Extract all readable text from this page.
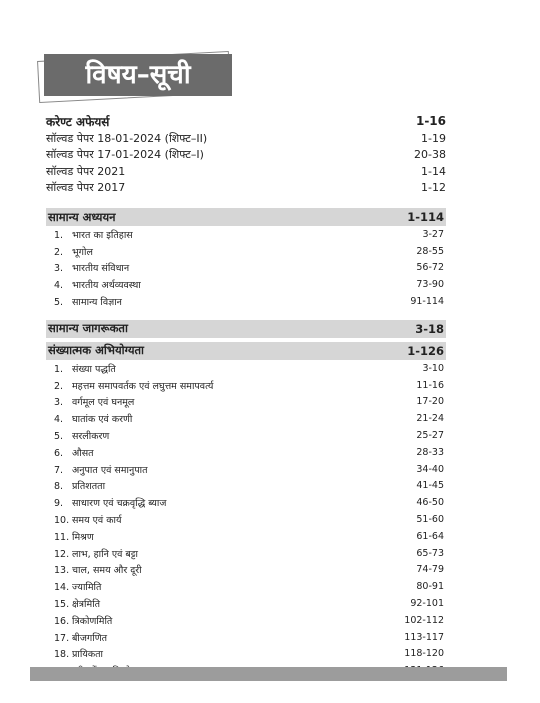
विषय–सूची
करेण्ट अफेयर्स	1-16
सॉल्वड पेपर 18-01-2024 (शिफ्ट–II)	1-19
सॉल्वड पेपर 17-01-2024 (शिफ्ट–I)	20-38
सॉल्वड पेपर 2021	1-14
सॉल्वड पेपर 2017	1-12
सामान्य अध्ययन	1-114
1. भारत का इतिहास	3-27
2. भूगोल	28-55
3. भारतीय संविधान	56-72
4. भारतीय अर्थव्यवस्था	73-90
5. सामान्य विज्ञान	91-114
सामान्य जागरूकता	3-18
संख्यात्मक अभियोग्यता	1-126
1. संख्या पद्धति	3-10
2. महत्तम समापवर्तक एवं लघुत्तम समापवर्त्य	11-16
3. वर्गमूल एवं घनमूल	17-20
4. घातांक एवं करणी	21-24
5. सरलीकरण	25-27
6. औसत	28-33
7. अनुपात एवं समानुपात	34-40
8. प्रतिशतता	41-45
9. साधारण एवं चक्रवृद्धि ब्याज	46-50
10. समय एवं कार्य	51-60
11. मिश्रण	61-64
12. लाभ, हानि एवं बट्टा	65-73
13. चाल, समय और दूरी	74-79
14. ज्यामिति	80-91
15. क्षेत्रमिति	92-101
16. त्रिकोणमिति	102-112
17. बीजगणित	113-117
18. प्रायिकता	118-120
